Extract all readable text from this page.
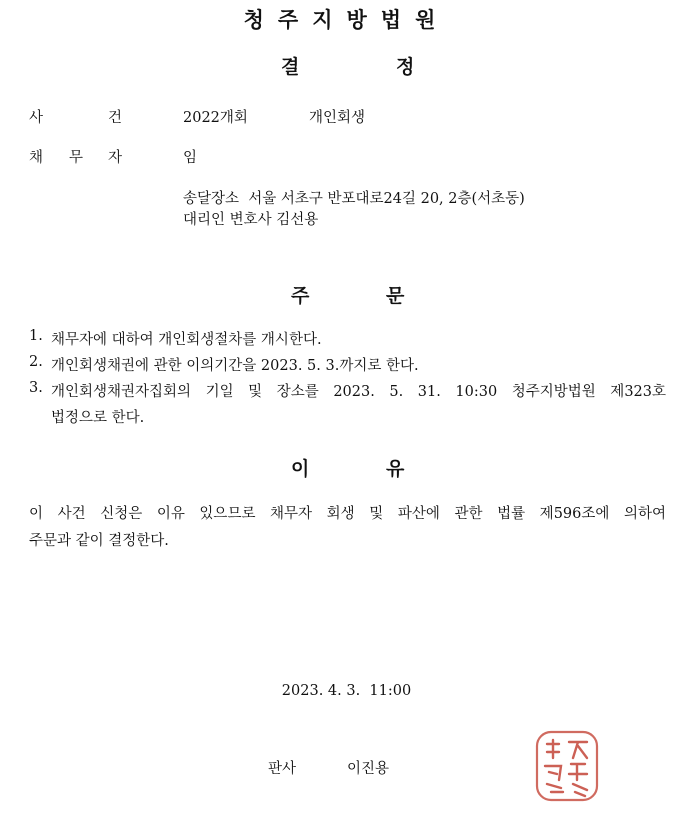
청주지방법원
결	정
사	건	2022개회	개인회생
채 무 자	임
송달장소  서울 서초구 반포대로24길 20, 2층(서초동)
대리인 변호사 김선용
주	문
1. 채무자에 대하여 개인회생절차를 개시한다.
2. 개인회생채권에 관한 이의기간을 2023. 5. 3.까지로 한다.
3. 개인회생채권자집회의 기일 및 장소를 2023. 5. 31. 10:30 청주지방법원 제323호
법정으로 한다.
이	유
이 사건 신청은 이유 있으므로 채무자 회생 및 파산에 관한 법률 제596조에 의하여
주문과 같이 결정한다.
2023. 4. 3.  11:00
판사	이진용
